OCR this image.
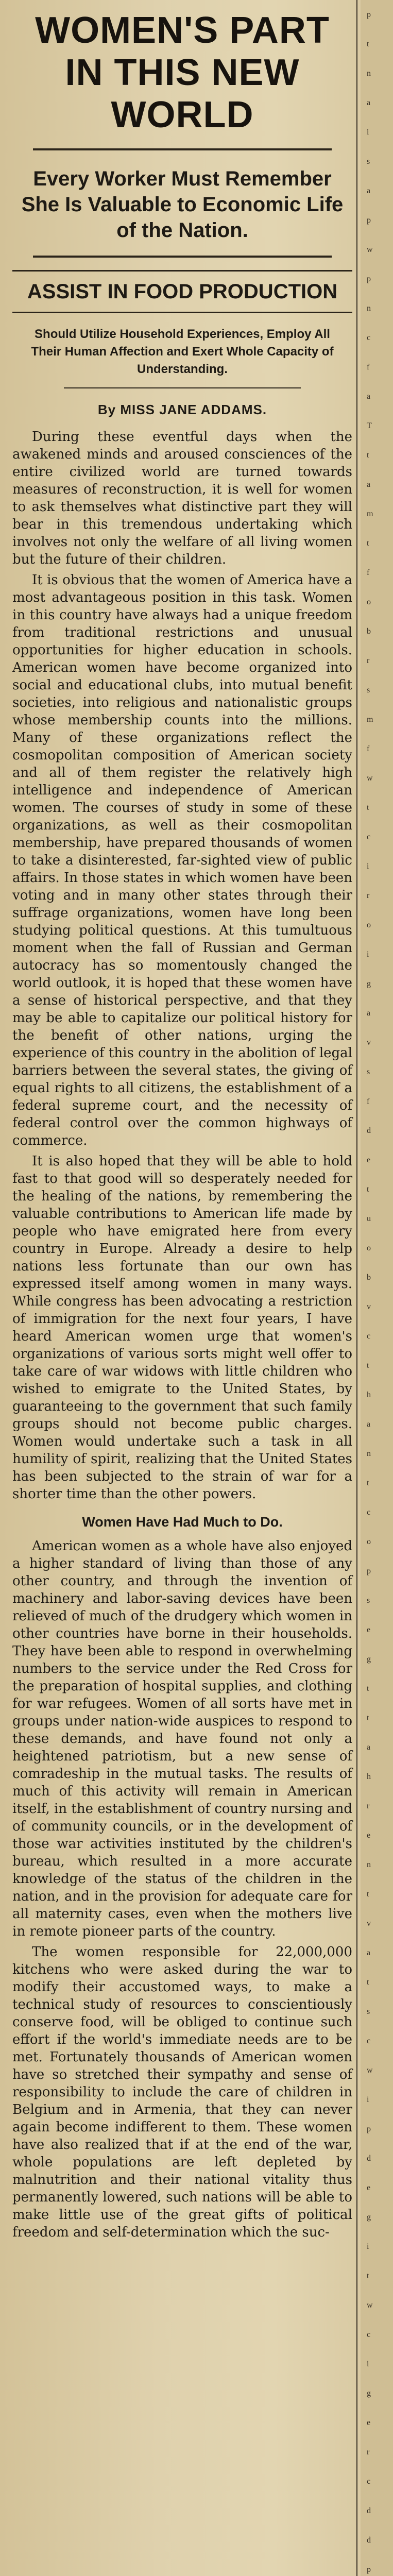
WOMEN'S PART IN THIS NEW WORLD
Every Worker Must Remember She Is Valuable to Economic Life of the Nation.
ASSIST IN FOOD PRODUCTION
Should Utilize Household Experiences, Employ All Their Human Affection and Exert Whole Capacity of Understanding.
By MISS JANE ADDAMS.

During these eventful days when the awakened minds and aroused consciences of the entire civilized world are turned towards measures of reconstruction, it is well for women to ask themselves what distinctive part they will bear in this tremendous undertaking which involves not only the welfare of all living women but the future of their children.

It is obvious that the women of America have a most advantageous position in this task. Women in this country have always had a unique freedom from traditional restrictions and unusual opportunities for higher education in schools. American women have become organized into social and educational clubs, into mutual benefit societies, into religious and nationalistic groups whose membership counts into the millions. Many of these organizations reflect the cosmopolitan composition of American society and all of them register the relatively high intelligence and independence of American women. The courses of study in some of these organizations, as well as their cosmopolitan membership, have prepared thousands of women to take a disinterested, far-sighted view of public affairs. In those states in which women have been voting and in many other states through their suffrage organizations, women have long been studying political questions. At this tumultuous moment when the fall of Russian and German autocracy has so momentously changed the world outlook, it is hoped that these women have a sense of historical perspective, and that they may be able to capitalize our political history for the benefit of other nations, urging the experience of this country in the abolition of legal barriers between the several states, the giving of equal rights to all citizens, the establishment of a federal supreme court, and the necessity of federal control over the common highways of commerce.

It is also hoped that they will be able to hold fast to that good will so desperately needed for the healing of the nations, by remembering the valuable contributions to American life made by people who have emigrated here from every country in Europe. Already a desire to help nations less fortunate than our own has expressed itself among women in many ways. While congress has been advocating a restriction of immigration for the next four years, I have heard American women urge that women's organizations of various sorts might well offer to take care of war widows with little children who wished to emigrate to the United States, by guaranteeing to the government that such family groups should not become public charges. Women would undertake such a task in all humility of spirit, realizing that the United States has been subjected to the strain of war for a shorter time than the other powers.

Women Have Had Much to Do.

American women as a whole have also enjoyed a higher standard of living than those of any other country, and through the invention of machinery and labor-saving devices have been relieved of much of the drudgery which women in other countries have borne in their households. They have been able to respond in overwhelming numbers to the service under the Red Cross for the preparation of hospital supplies, and clothing for war refugees. Women of all sorts have met in groups under nation-wide auspices to respond to these demands, and have found not only a heightened patriotism, but a new sense of comradeship in the mutual tasks. The results of much of this activity will remain in American itself, in the establishment of country nursing and of community councils, or in the development of those war activities instituted by the children's bureau, which resulted in a more accurate knowledge of the status of the children in the nation, and in the provision for adequate care for all maternity cases, even when the mothers live in remote pioneer parts of the country.

The women responsible for 22,000,000 kitchens who were asked during the war to modify their accustomed ways, to make a technical study of resources to conscientiously conserve food, will be obliged to continue such effort if the world's immediate needs are to be met. Fortunately thousands of American women have so stretched their sympathy and sense of responsibility to include the care of children in Belgium and in Armenia, that they can never again become indifferent to them. These women have also realized that if at the end of the war, whole populations are left depleted by malnutrition and their national vitality thus permanently lowered, such nations will be able to make little use of the great gifts of political freedom and self-determination which the suc-

p
t
n
a
i
s
a
p
w
p
n
c
f
a
T
t
a
m
t
f
o
b
r
s
m
f
w
t
c
i
r
o
i
g
a
v
s
f
d
e
t
u
o
b
v
c
t
h
a
n
t
c
o
p
s
e
g
t
t
a
h
r
e
n
t
v
a
t
s
c
w
i
p
d
e
g
i
t
w
c
i
g
e
r
c
d
d
p
